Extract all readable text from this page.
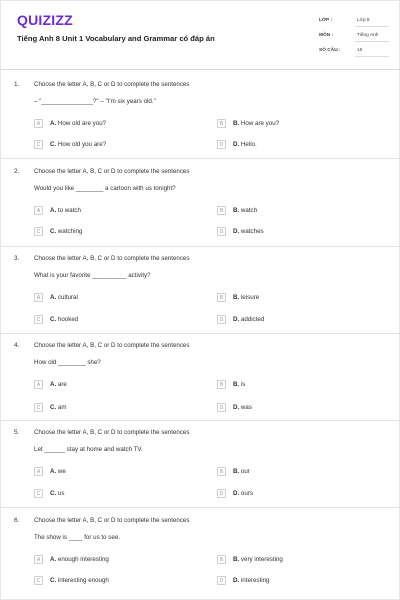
QUIZIZZ
Tiếng Anh 8 Unit 1 Vocabulary and Grammar có đáp án
LỚP :	Lớp 8
MÔN :	Tiếng Anh
SỐ CÂU :	15
1. Choose the letter A, B, C or D to complete the sentences
– "_______________?" – "I'm six years old."
A	A. How old are you?	B	B. How are you?
C	C. How old you are?	D	D. Hello.
2. Choose the letter A, B, C or D to complete the sentences
Would you like ________ a cartoon with us tonight?
A	A. to watch	B	B. watch
C	C. watching	D	D. watches
3. Choose the letter A, B, C or D to complete the sentences
What is your favorite __________ activity?
A	A. cultural	B	B. leisure
C	C. hooked	D	D. addicted
4. Choose the letter A, B, C or D to complete the sentences
How old ________ she?
A	A. are	B	B. is
C	C. am	D	D. was
5. Choose the letter A, B, C or D to complete the sentences
Let ______ stay at home and watch TV.
A	A. we	B	B. our
C	C. us	D	D. ours
6. Choose the letter A, B, C or D to complete the sentences
The show is ____ for us to see.
A	A. enough interesting	B	B. very interesting
C	C. interesting enough	D	D. interesting
